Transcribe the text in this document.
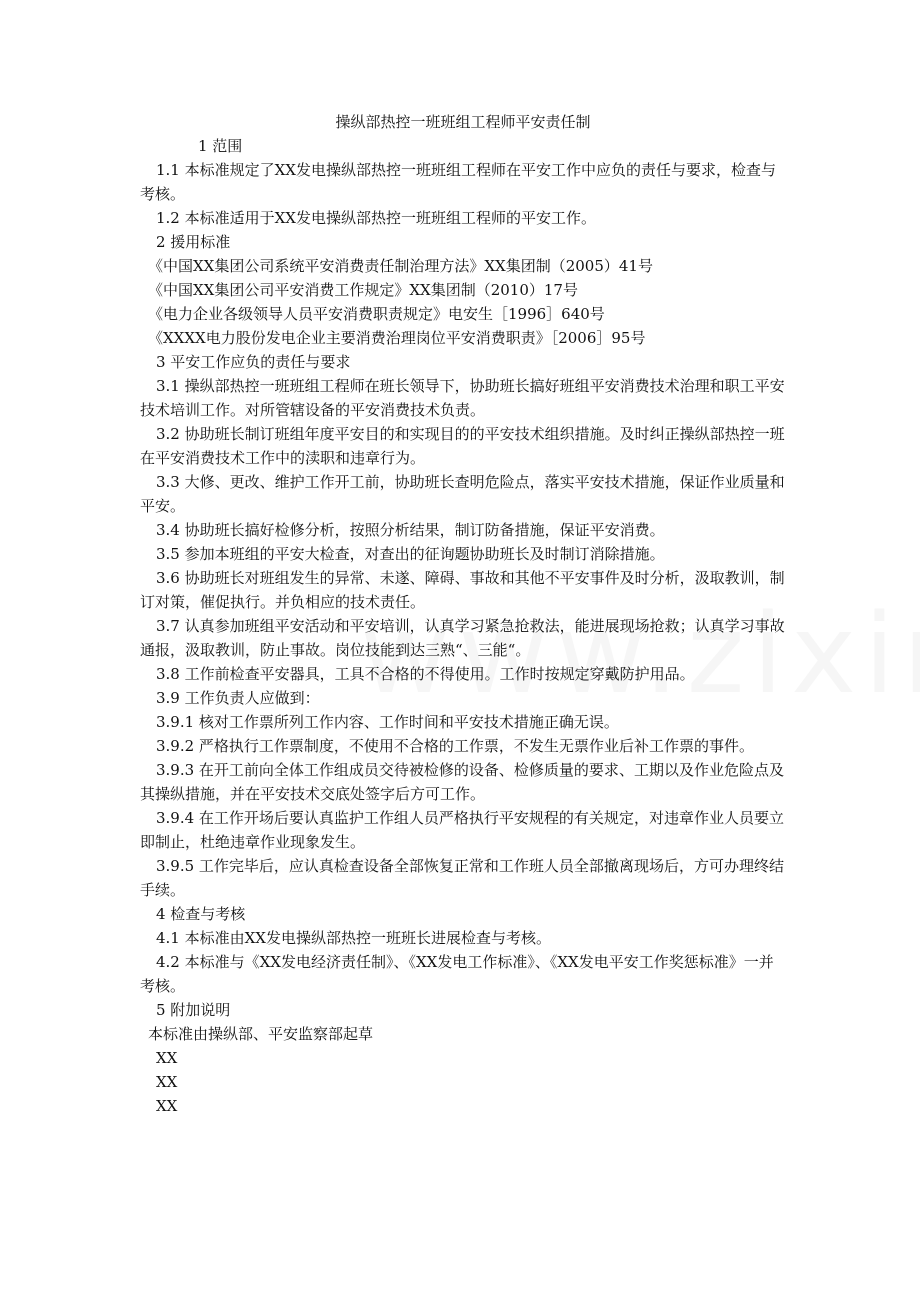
操纵部热控一班班组工程师平安责任制

1 范围

1.1 本标准规定了XX发电操纵部热控一班班组工程师在平安工作中应负的责任与要求，检查与考核。

1.2 本标准适用于XX发电操纵部热控一班班组工程师的平安工作。

2 援用标准

《中国XX集团公司系统平安消费责任制治理方法》XX集团制（2005）41号

《中国XX集团公司平安消费工作规定》XX集团制（2010）17号

《电力企业各级领导人员平安消费职责规定》电安生［1996］640号

《XXXX电力股份发电企业主要消费治理岗位平安消费职责》［2006］95号

3 平安工作应负的责任与要求

3.1 操纵部热控一班班组工程师在班长领导下，协助班长搞好班组平安消费技术治理和职工平安技术培训工作。对所管辖设备的平安消费技术负责。

3.2 协助班长制订班组年度平安目的和实现目的的平安技术组织措施。及时纠正操纵部热控一班在平安消费技术工作中的渎职和违章行为。

3.3 大修、更改、维护工作开工前，协助班长查明危险点，落实平安技术措施，保证作业质量和平安。

3.4 协助班长搞好检修分析，按照分析结果，制订防备措施，保证平安消费。

3.5 参加本班组的平安大检查，对查出的征询题协助班长及时制订消除措施。

3.6 协助班长对班组发生的异常、未遂、障碍、事故和其他不平安事件及时分析，汲取教训，制订对策，催促执行。并负相应的技术责任。

3.7 认真参加班组平安活动和平安培训，认真学习紧急抢救法，能进展现场抢救；认真学习事故通报，汲取教训，防止事故。岗位技能到达三熟“、三能“。

3.8 工作前检查平安器具，工具不合格的不得使用。工作时按规定穿戴防护用品。

3.9 工作负责人应做到：

3.9.1 核对工作票所列工作内容、工作时间和平安技术措施正确无误。

3.9.2 严格执行工作票制度，不使用不合格的工作票，不发生无票作业后补工作票的事件。

3.9.3 在开工前向全体工作组成员交待被检修的设备、检修质量的要求、工期以及作业危险点及其操纵措施，并在平安技术交底处签字后方可工作。

3.9.4 在工作开场后要认真监护工作组人员严格执行平安规程的有关规定，对违章作业人员要立即制止，杜绝违章作业现象发生。

3.9.5 工作完毕后，应认真检查设备全部恢复正常和工作班人员全部撤离现场后，方可办理终结手续。

4 检查与考核

4.1 本标准由XX发电操纵部热控一班班长进展检查与考核。

4.2 本标准与《XX发电经济责任制》、《XX发电工作标准》、《XX发电平安工作奖惩标准》一并考核。

5 附加说明

本标准由操纵部、平安监察部起草

XX

XX

XX
